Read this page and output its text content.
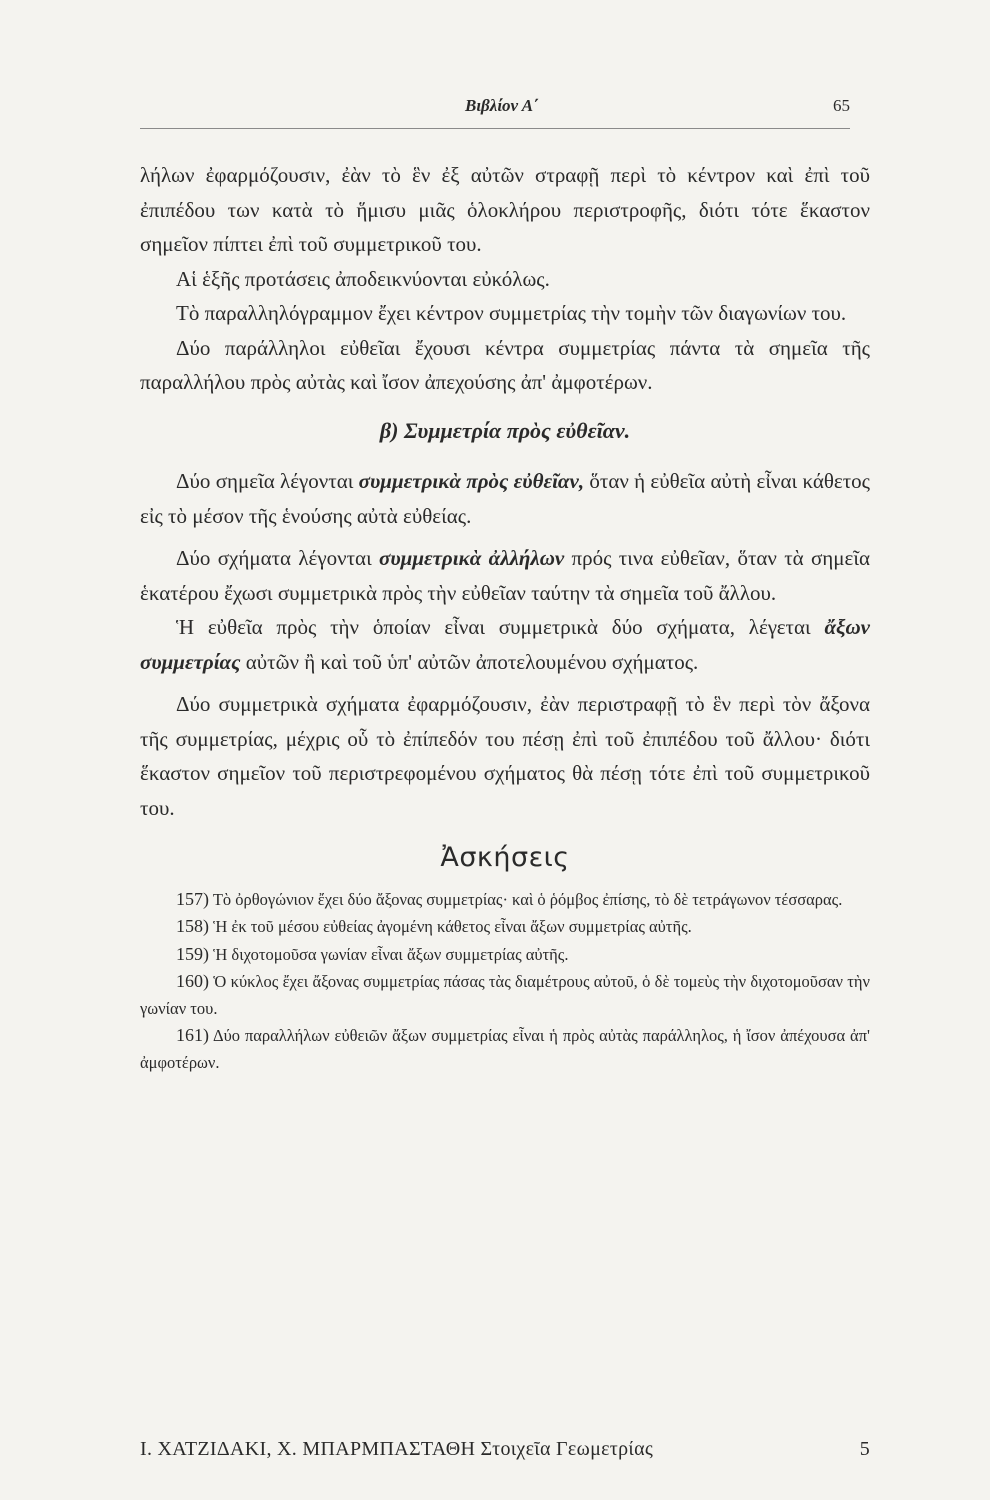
Βιβλίον Α΄	65

λήλων ἐφαρμόζουσιν, ἐὰν τὸ ἓν ἐξ αὐτῶν στραφῇ περὶ τὸ κέντρον καὶ ἐπὶ τοῦ ἐπιπέδου των κατὰ τὸ ἥμισυ μιᾶς ὁλοκλήρου περιστροφῆς, διότι τότε ἕκαστον σημεῖον πίπτει ἐπὶ τοῦ συμμετρικοῦ του.

Αἱ ἑξῆς προτάσεις ἀποδεικνύονται εὐκόλως.

Τὸ παραλληλόγραμμον ἔχει κέντρον συμμετρίας τὴν τομὴν τῶν διαγωνίων του.

Δύο παράλληλοι εὐθεῖαι ἔχουσι κέντρα συμμετρίας πάντα τὰ σημεῖα τῆς παραλλήλου πρὸς αὐτὰς καὶ ἴσον ἀπεχούσης ἀπ' ἀμφοτέρων.

β) Συμμετρία πρὸς εὐθεῖαν.

Δύο σημεῖα λέγονται συμμετρικὰ πρὸς εὐθεῖαν, ὅταν ἡ εὐθεῖα αὐτὴ εἶναι κάθετος εἰς τὸ μέσον τῆς ἑνούσης αὐτὰ εὐθείας.

Δύο σχήματα λέγονται συμμετρικὰ ἀλλήλων πρός τινα εὐθεῖαν, ὅταν τὰ σημεῖα ἑκατέρου ἔχωσι συμμετρικὰ πρὸς τὴν εὐθεῖαν ταύτην τὰ σημεῖα τοῦ ἄλλου.

Ἡ εὐθεῖα πρὸς τὴν ὁποίαν εἶναι συμμετρικὰ δύο σχήματα, λέγεται ἄξων συμμετρίας αὐτῶν ἢ καὶ τοῦ ὑπ' αὐτῶν ἀποτελουμένου σχήματος.

Δύο συμμετρικὰ σχήματα ἐφαρμόζουσιν, ἐὰν περιστραφῇ τὸ ἓν περὶ τὸν ἄξονα τῆς συμμετρίας, μέχρις οὗ τὸ ἐπίπεδόν του πέσῃ ἐπὶ τοῦ ἐπιπέδου τοῦ ἄλλου· διότι ἕκαστον σημεῖον τοῦ περιστρεφομένου σχήματος θὰ πέσῃ τότε ἐπὶ τοῦ συμμετρικοῦ του.

Ἀσκήσεις

157) Τὸ ὀρθογώνιον ἔχει δύο ἄξονας συμμετρίας· καὶ ὁ ῥόμβος ἐπίσης, τὸ δὲ τετράγωνον τέσσαρας.

158) Ἡ ἐκ τοῦ μέσου εὐθείας ἀγομένη κάθετος εἶναι ἄξων συμμετρίας αὐτῆς.

159) Ἡ διχοτομοῦσα γωνίαν εἶναι ἄξων συμμετρίας αὐτῆς.

160) Ὁ κύκλος ἔχει ἄξονας συμμετρίας πάσας τὰς διαμέτρους αὐτοῦ, ὁ δὲ τομεὺς τὴν διχοτομοῦσαν τὴν γωνίαν του.

161) Δύο παραλλήλων εὐθειῶν ἄξων συμμετρίας εἶναι ἡ πρὸς αὐτὰς παράλληλος, ἡ ἴσον ἀπέχουσα ἀπ' ἀμφοτέρων.

Ι. ΧΑΤΖΙΔΑΚΙ, Χ. ΜΠΑΡΜΠΑΣΤΑΘΗ Στοιχεῖα Γεωμετρίας	5
